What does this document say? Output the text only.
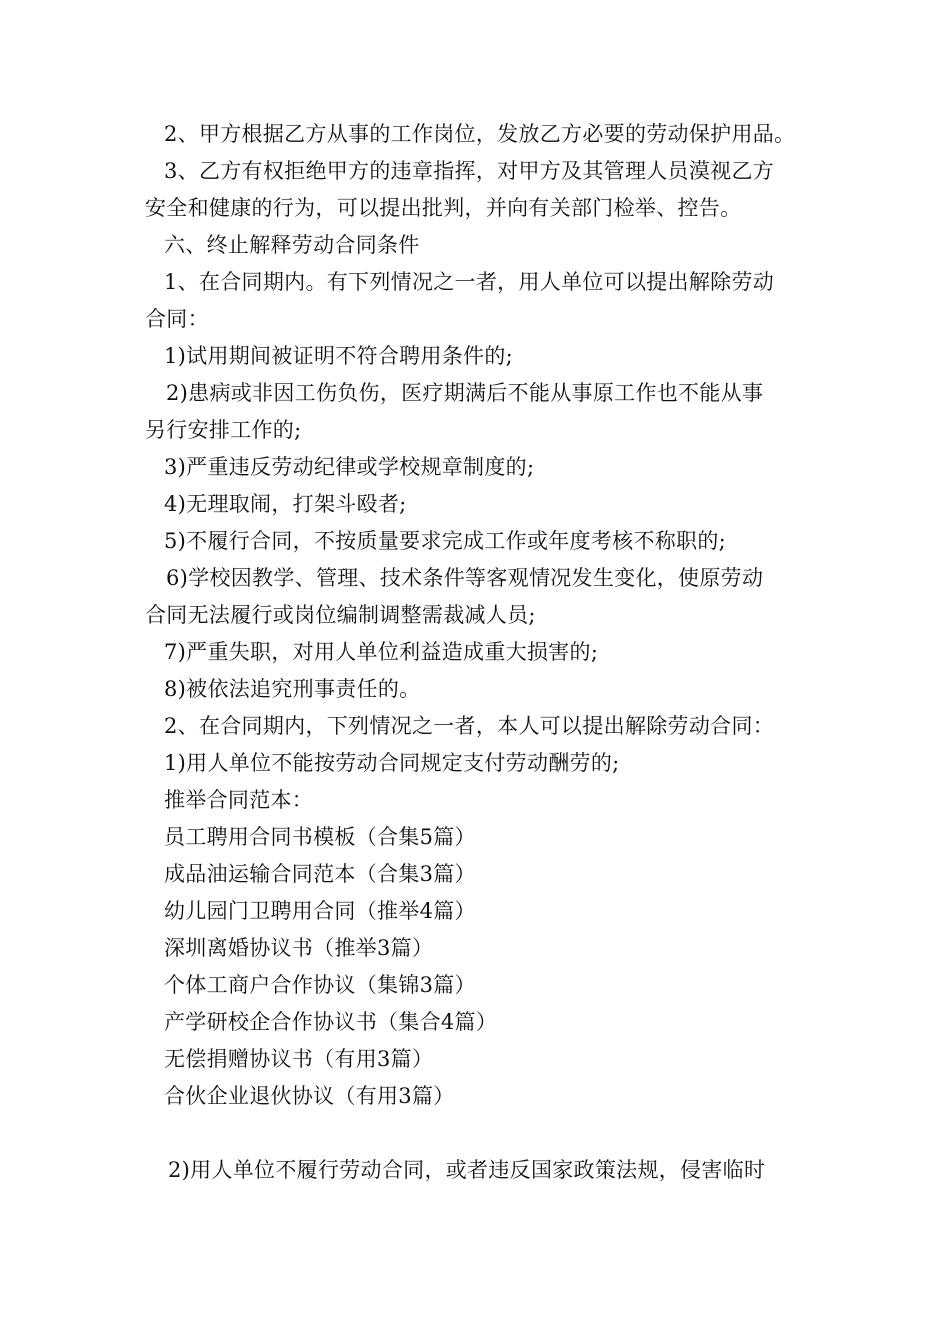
2、甲方根据乙方从事的工作岗位，发放乙方必要的劳动保护用品。
3、乙方有权拒绝甲方的违章指挥，对甲方及其管理人员漠视乙方
安全和健康的行为，可以提出批判，并向有关部门检举、控告。
六、终止解释劳动合同条件
1、在合同期内。有下列情况之一者，用人单位可以提出解除劳动
合同：
1)试用期间被证明不符合聘用条件的;
2)患病或非因工伤负伤，医疗期满后不能从事原工作也不能从事
另行安排工作的;
3)严重违反劳动纪律或学校规章制度的;
4)无理取闹，打架斗殴者;
5)不履行合同，不按质量要求完成工作或年度考核不称职的;
6)学校因教学、管理、技术条件等客观情况发生变化，使原劳动
合同无法履行或岗位编制调整需裁减人员;
7)严重失职，对用人单位利益造成重大损害的;
8)被依法追究刑事责任的。
2、在合同期内，下列情况之一者，本人可以提出解除劳动合同：
1)用人单位不能按劳动合同规定支付劳动酬劳的;
推举合同范本：
员工聘用合同书模板（合集5篇）
成品油运输合同范本（合集3篇）
幼儿园门卫聘用合同（推举4篇）
深圳离婚协议书（推举3篇）
个体工商户合作协议（集锦3篇）
产学研校企合作协议书（集合4篇）
无偿捐赠协议书（有用3篇）
合伙企业退伙协议（有用3篇）
2)用人单位不履行劳动合同，或者违反国家政策法规，侵害临时
